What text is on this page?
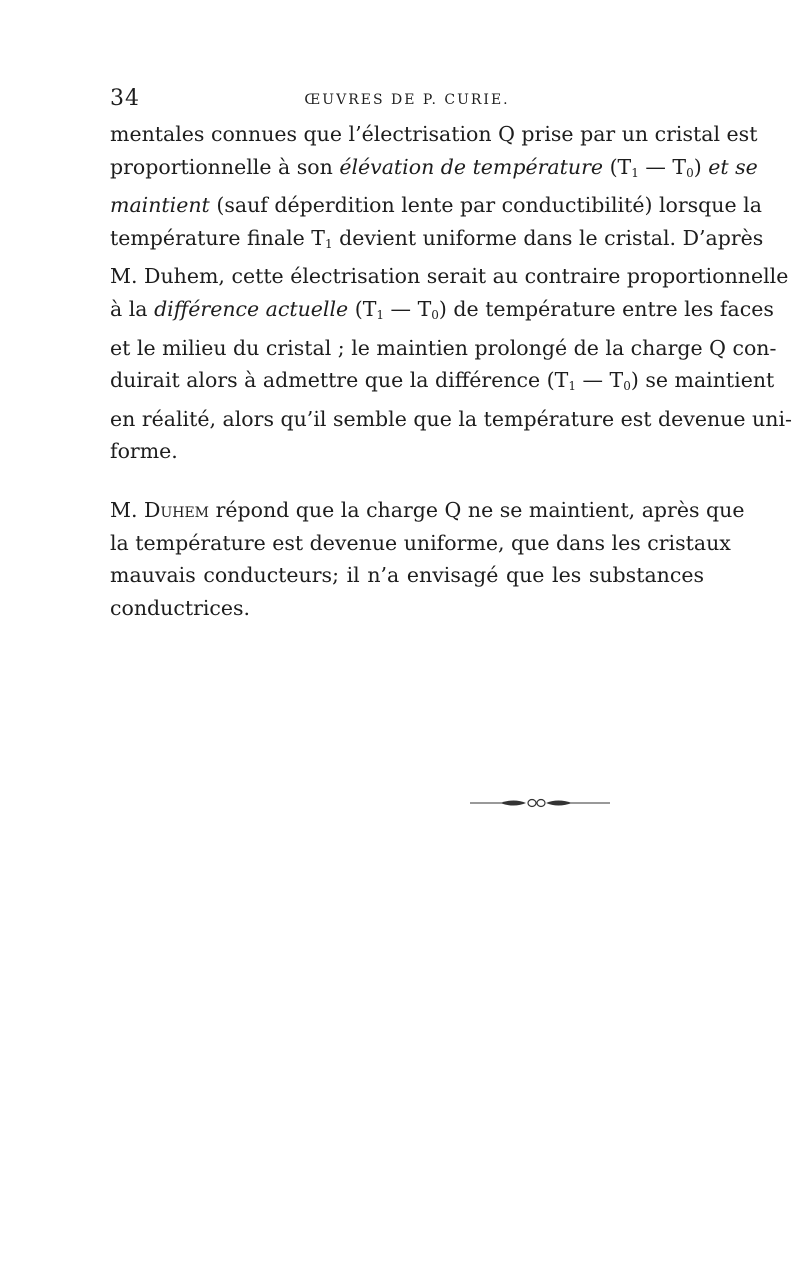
34	ŒUVRES DE P. CURIE.

mentales connues que l’électrisation Q prise par un cristal est
proportionnelle à son élévation de température ($T_1$ — $T_0$) et se
maintient (sauf déperdition lente par conductibilité) lorsque la
température finale $T_1$ devient uniforme dans le cristal. D’après
M. Duhem, cette électrisation serait au contraire proportionnelle
à la différence actuelle ($T_1$ — $T_0$) de température entre les faces
et le milieu du cristal ; le maintien prolongé de la charge Q con-
duirait alors à admettre que la différence ($T_1$ — $T_0$) se maintient
en réalité, alors qu’il semble que la température est devenue uni-
forme.

M. Duhem répond que la charge Q ne se maintient, après que
la température est devenue uniforme, que dans les cristaux
mauvais conducteurs; il n’a envisagé que les substances
conductrices.
